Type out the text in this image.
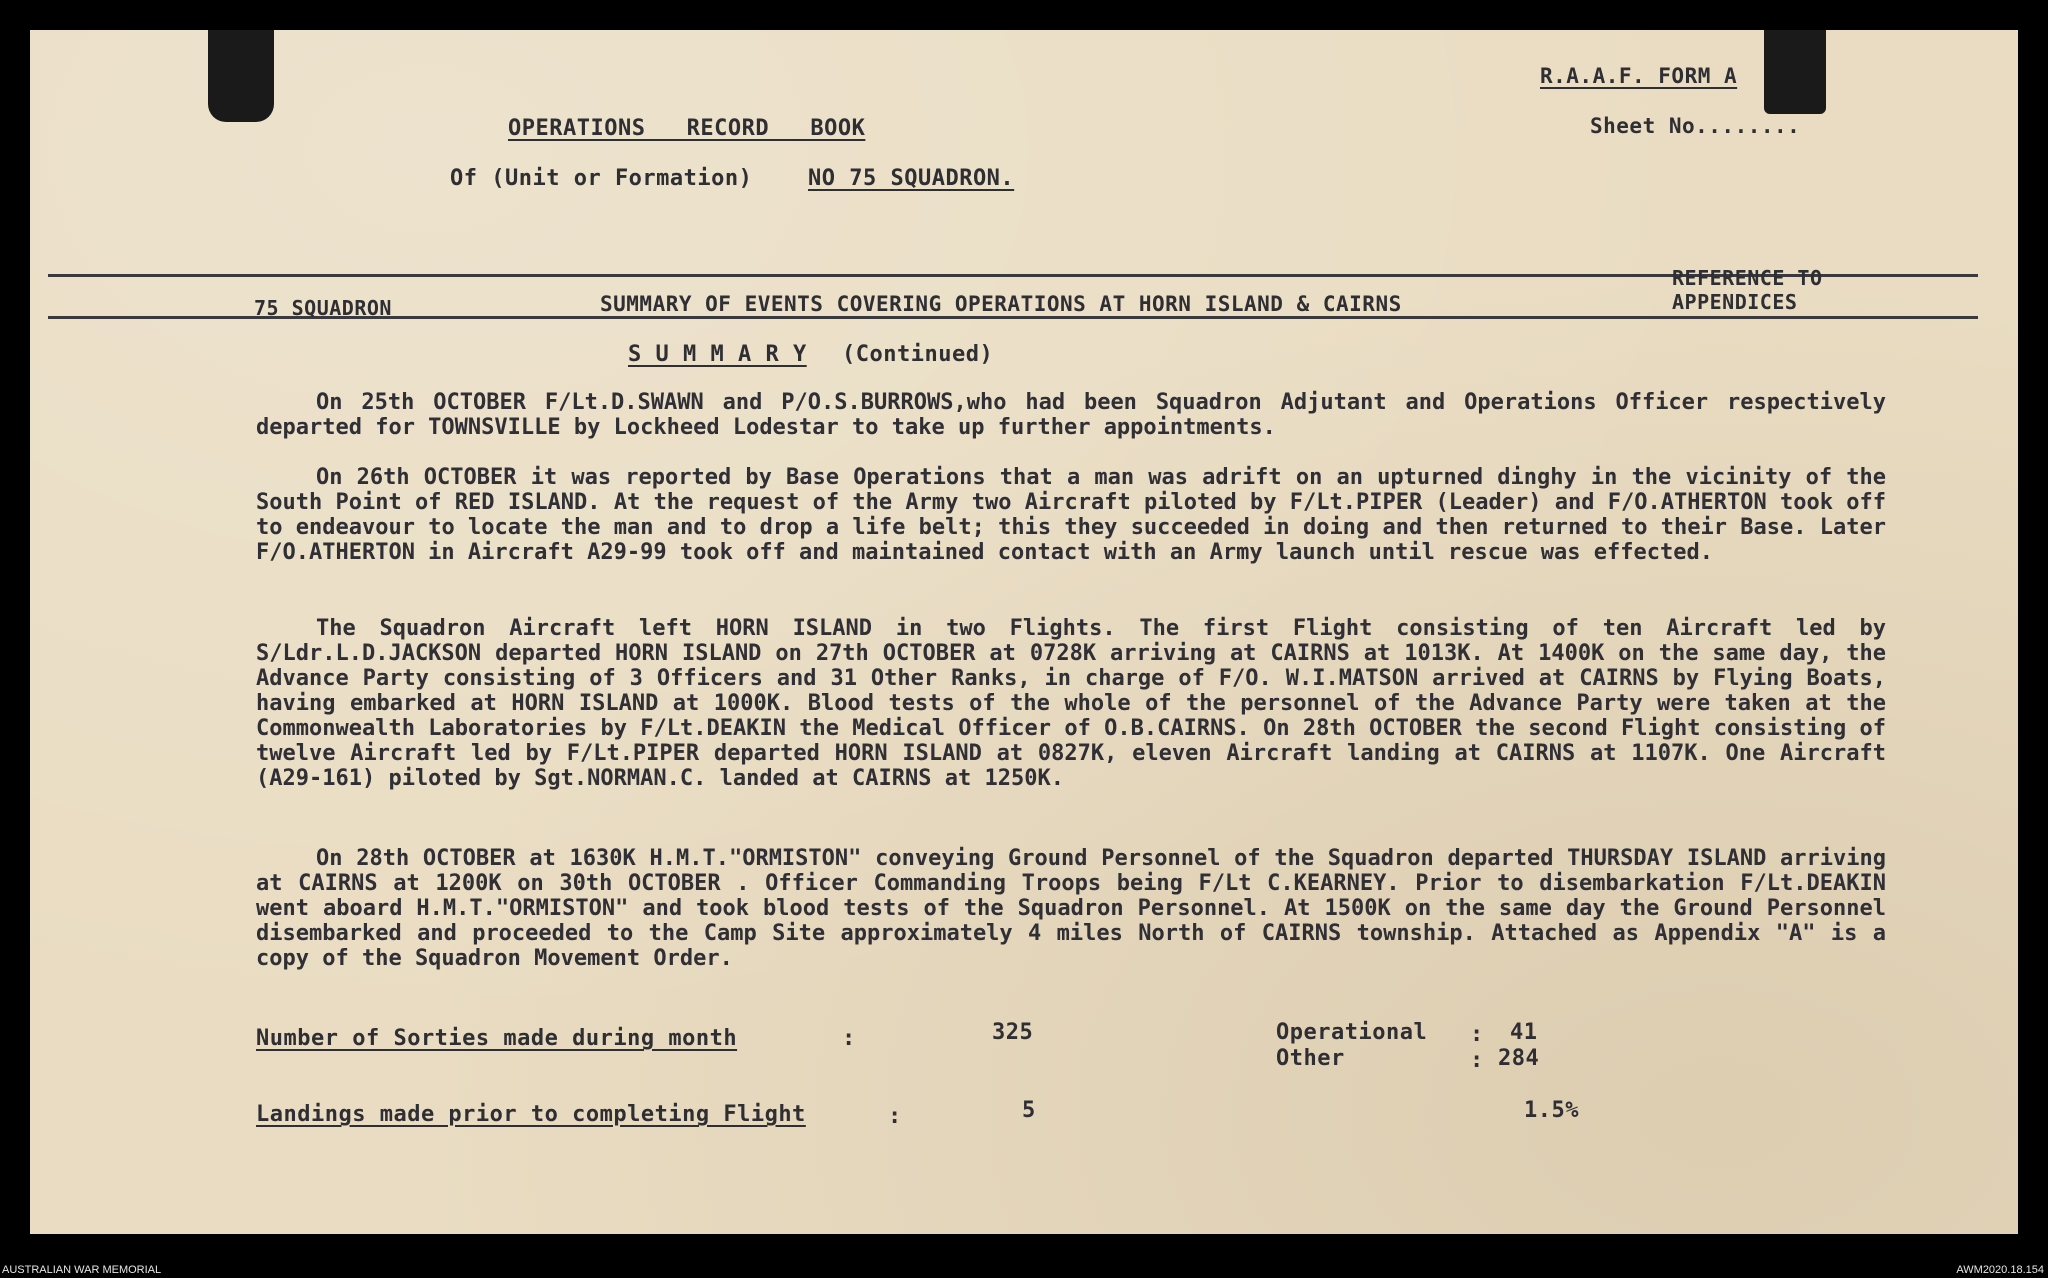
R.A.A.F. FORM A
Sheet No........
OPERATIONS   RECORD   BOOK
Of (Unit or Formation)	NO 75 SQUADRON.
75 SQUADRON	SUMMARY OF EVENTS COVERING OPERATIONS AT HORN ISLAND & CAIRNS
REFERENCE TO
APPENDICES
S U M M A R Y (Continued)
On 25th OCTOBER F/Lt.D.SWAWN and P/O.S.BURROWS,who had been Squadron Adjutant and Operations Officer respectively departed for TOWNSVILLE by Lockheed Lodestar to take up further appointments.
On 26th OCTOBER it was reported by Base Operations that a man was adrift on an upturned dinghy in the vicinity of the South Point of RED ISLAND. At the request of the Army two Aircraft piloted by F/Lt.PIPER (Leader) and F/O.ATHERTON took off to endeavour to locate the man and to drop a life belt; this they succeeded in doing and then returned to their Base. Later F/O.ATHERTON in Aircraft A29-99 took off and maintained contact with an Army launch until rescue was effected.
The Squadron Aircraft left HORN ISLAND in two Flights. The first Flight consisting of ten Aircraft led by S/Ldr.L.D.JACKSON departed HORN ISLAND on 27th OCTOBER at 0728K arriving at CAIRNS at 1013K. At 1400K on the same day, the Advance Party consisting of 3 Officers and 31 Other Ranks, in charge of F/O. W.I.MATSON arrived at CAIRNS by Flying Boats, having embarked at HORN ISLAND at 1000K. Blood tests of the whole of the personnel of the Advance Party were taken at the Commonwealth Laboratories by F/Lt.DEAKIN the Medical Officer of O.B.CAIRNS. On 28th OCTOBER the second Flight consisting of twelve Aircraft led by F/Lt.PIPER departed HORN ISLAND at 0827K, eleven Aircraft landing at CAIRNS at 1107K. One Aircraft (A29-161) piloted by Sgt.NORMAN.C. landed at CAIRNS at 1250K.
On 28th OCTOBER at 1630K H.M.T."ORMISTON" conveying Ground Personnel of the Squadron departed THURSDAY ISLAND arriving at CAIRNS at 1200K on 30th OCTOBER . Officer Commanding Troops being F/Lt C.KEARNEY. Prior to disembarkation F/Lt.DEAKIN went aboard H.M.T."ORMISTON" and took blood tests of the Squadron Personnel. At 1500K on the same day the Ground Personnel disembarked and proceeded to the Camp Site approximately 4 miles North of CAIRNS township. Attached as Appendix "A" is a copy of the Squadron Movement Order.
Number of Sorties made during month	:	325	Operational : 41
Other	: 284
Landings made prior to completing Flight	:	5	1.5%
AUSTRALIAN WAR MEMORIAL	AWM2020.18.154
